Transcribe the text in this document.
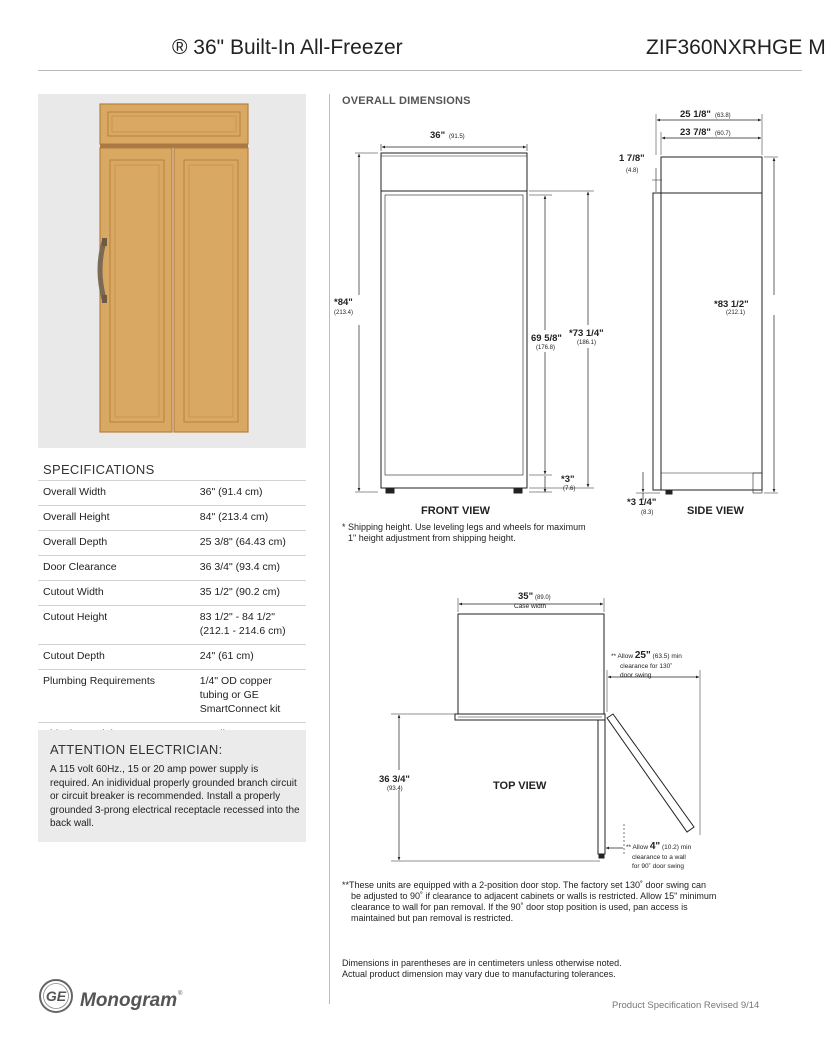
® 36" Built-In All-Freezer	ZIF360NXRHGE M
SPECIFICATIONS
Overall Width	36" (91.4 cm)
Overall Height	84" (213.4 cm)
Overall Depth	25 3/8" (64.43 cm)
Door Clearance	36 3/4" (93.4 cm)
Cutout Width	35 1/2" (90.2 cm)
Cutout Height	83 1/2" - 84 1/2"
(212.1 - 214.6 cm)
Cutout Depth	24" (61 cm)
Plumbing Requirements	1/4" OD copper
tubing or GE
SmartConnect kit

ATTENTION ELECTRICIAN:
A 115 volt 60Hz., 15 or 20 amp power supply is required. An inidividual properly grounded branch circuit or circuit breaker is recommended. Install a properly grounded 3-prong electrical receptacle recessed into the back wall.
OVERALL DIMENSIONS
36" (91.5)
*84"
(213.4)
69 5/8"
(176.8)
*73 1/4"
(186.1)
*3"
(7.6)
FRONT VIEW
25 1/8" (63.8)
23 7/8" (60.7)
1 7/8"
(4.8)
*83 1/2"
(212.1)
*3 1/4"
(8.3)	SIDE VIEW
35" (89.0)
Case width
** Allow 25" (63.5) min
clearance for 130˚
door swing
36 3/4"
(93.4)	TOP VIEW
** Allow 4" (10.2) min
clearance to a wall
for 90˚ door swing
* Shipping height. Use leveling legs and wheels for maximum
1" height adjustment from shipping height.
**These units are equipped with a 2-position door stop. The factory set 130˚ door swing can
be adjusted to 90˚ if clearance to adjacent cabinets or walls is restricted. Allow 15" minimum
clearance to wall for pan removal. If the 90˚ door stop position is used, pan access is
maintained but pan removal is restricted.
Dimensions in parentheses are in centimeters unless otherwise noted.
Actual product dimension may vary due to manufacturing tolerances.
GE Monogram ®
Product Specification Revised 9/14
